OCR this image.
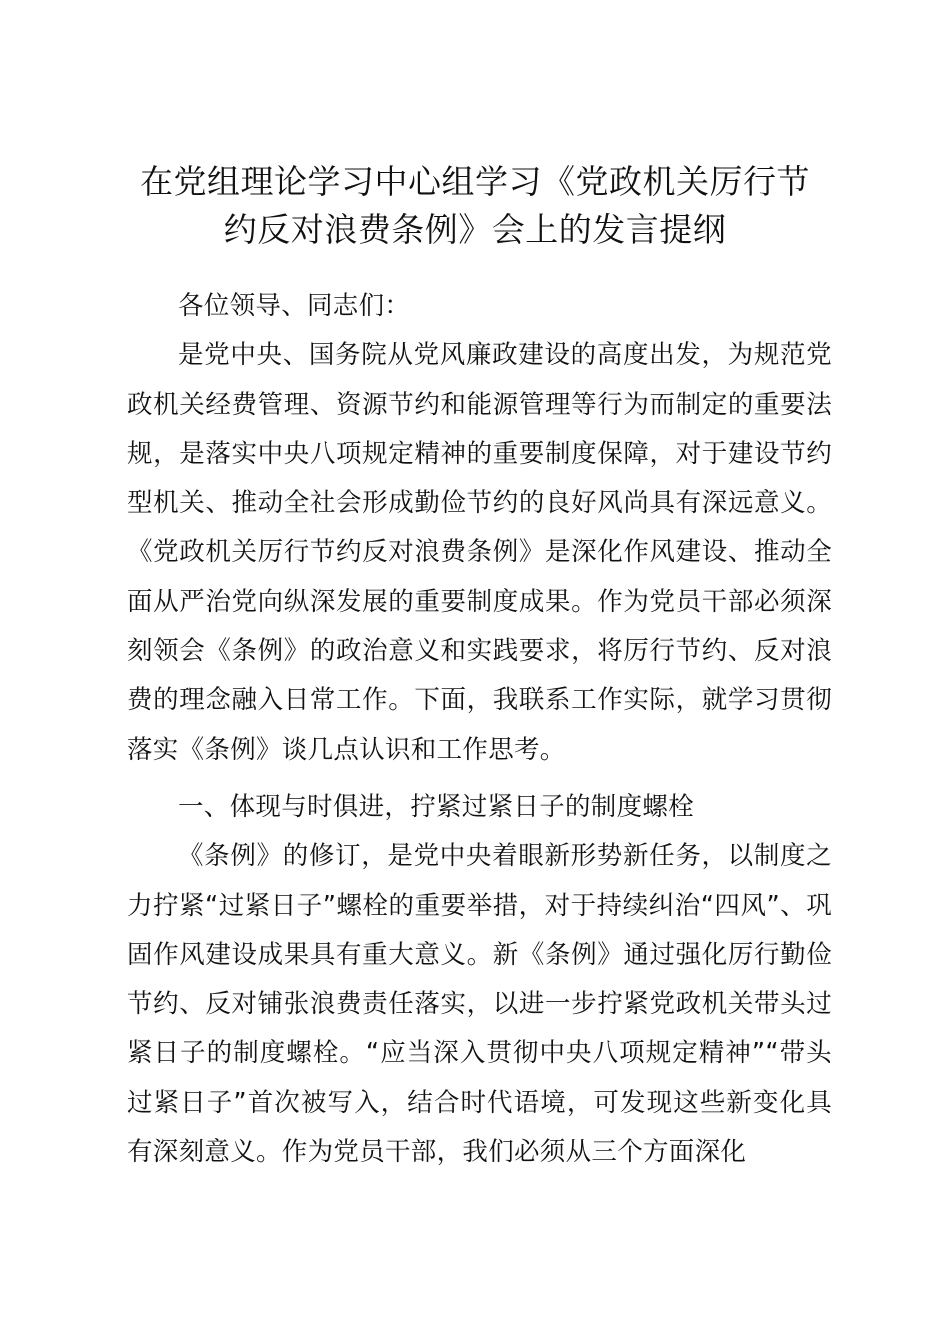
在党组理论学习中心组学习《党政机关厉行节
约反对浪费条例》会上的发言提纲

各位领导、同志们：

是党中央、国务院从党风廉政建设的高度出发，为规范党政机关经费管理、资源节约和能源管理等行为而制定的重要法规，是落实中央八项规定精神的重要制度保障，对于建设节约型机关、推动全社会形成勤俭节约的良好风尚具有深远意义。《党政机关厉行节约反对浪费条例》是深化作风建设、推动全面从严治党向纵深发展的重要制度成果。作为党员干部必须深刻领会《条例》的政治意义和实践要求，将厉行节约、反对浪费的理念融入日常工作。下面，我联系工作实际，就学习贯彻落实《条例》谈几点认识和工作思考。

一、体现与时俱进，拧紧过紧日子的制度螺栓

《条例》的修订，是党中央着眼新形势新任务，以制度之力拧紧“过紧日子”螺栓的重要举措，对于持续纠治“四风”、巩固作风建设成果具有重大意义。新《条例》通过强化厉行勤俭节约、反对铺张浪费责任落实，以进一步拧紧党政机关带头过紧日子的制度螺栓。“应当深入贯彻中央八项规定精神”“带头过紧日子”首次被写入，结合时代语境，可发现这些新变化具有深刻意义。作为党员干部，我们必须从三个方面深化
